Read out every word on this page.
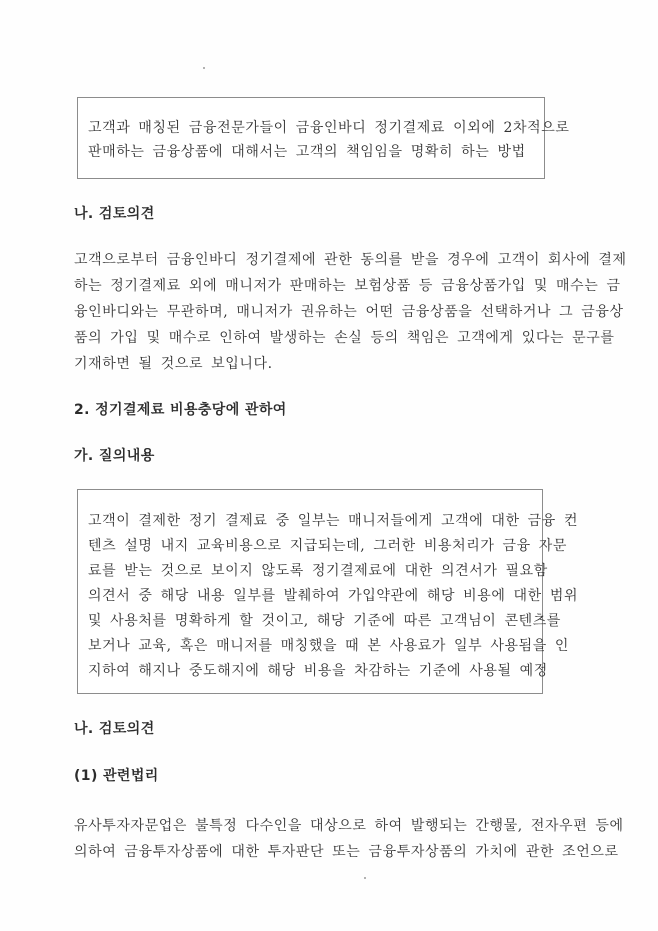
고객과 매칭된 금융전문가들이 금융인바디 정기결제료 이외에 2차적으로
판매하는 금융상품에 대해서는 고객의 책임임을 명확히 하는 방법
나. 검토의견
고객으로부터 금융인바디 정기결제에 관한 동의를 받을 경우에 고객이 회사에 결제
하는 정기결제료 외에 매니저가 판매하는 보험상품 등 금융상품가입 및 매수는 금
융인바디와는 무관하며, 매니저가 권유하는 어떤 금융상품을 선택하거나 그 금융상
품의 가입 및 매수로 인하여 발생하는 손실 등의 책임은 고객에게 있다는 문구를
기재하면 될 것으로 보입니다.
2. 정기결제료 비용충당에 관하여
가. 질의내용
고객이 결제한 정기 결제료 중 일부는 매니저들에게 고객에 대한 금융 컨
텐츠 설명 내지 교육비용으로 지급되는데, 그러한 비용처리가 금융 자문
료를 받는 것으로 보이지 않도록 정기결제료에 대한 의견서가 필요함
의견서 중 해당 내용 일부를 발췌하여 가입약관에 해당 비용에 대한 범위
및 사용처를 명확하게 할 것이고, 해당 기준에 따른 고객님이 콘텐츠를
보거나 교육, 혹은 매니저를 매칭했을 때 본 사용료가 일부 사용됨을 인
지하여 해지나 중도해지에 해당 비용을 차감하는 기준에 사용될 예정
나. 검토의견
(1) 관련법리
유사투자자문업은 불특정 다수인을 대상으로 하여 발행되는 간행물, 전자우편 등에
의하여 금융투자상품에 대한 투자판단 또는 금융투자상품의 가치에 관한 조언으로
